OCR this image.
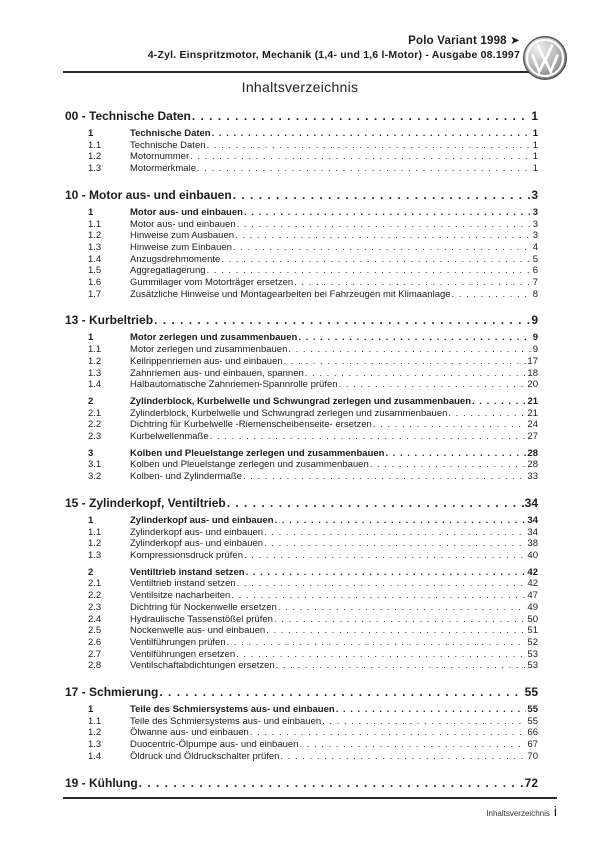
Polo Variant 1998 ➤
4-Zyl. Einspritzmotor, Mechanik (1,4- und 1,6 l-Motor) - Ausgabe 08.1997
Inhaltsverzeichnis
00 - Technische Daten . . .	1
1	Technische Daten . . .	1
1.1	Technische Daten . . .	1
1.2	Motornummer . . .	1
1.3	Motormerkmale . . .	1
10 - Motor aus- und einbauen . . .	3
1	Motor aus- und einbauen . . .	3
1.1	Motor aus- und einbauen . . .	3
1.2	Hinweise zum Ausbauen . . .	3
1.3	Hinweise zum Einbauen . . .	4
1.4	Anzugsdrehmomente . . .	5
1.5	Aggregatlagerung . . .	6
1.6	Gummilager vom Motorträger ersetzen . . .	7
1.7	Zusätzliche Hinweise und Montagearbeiten bei Fahrzeugen mit Klimaanlage . . .	8
13 - Kurbeltrieb . . .	9
1	Motor zerlegen und zusammenbauen . . .	9
1.1	Motor zerlegen und zusammenbauen . . .	9
1.2	Keilrippenriemen aus- und einbauen . . .	17
1.3	Zahnriemen aus- und einbauen, spannen . . .	18
1.4	Halbautomatische Zahnriemen-Spannrolle prüfen . . .	20
2	Zylinderblock, Kurbelwelle und Schwungrad zerlegen und zusammenbauen . . .	21
2.1	Zylinderblock, Kurbelwelle und Schwungrad zerlegen und zusammenbauen . . .	21
2.2	Dichtring für Kurbelwelle -Riemenscheibenseite- ersetzen . . .	24
2.3	Kurbelwellenmaße . . .	27
3	Kolben und Pleuelstange zerlegen und zusammenbauen . . .	28
3.1	Kolben und Pleuelstange zerlegen und zusammenbauen . . .	28
3.2	Kolben- und Zylindermaße . . .	33
15 - Zylinderkopf, Ventiltrieb . . .	34
1	Zylinderkopf aus- und einbauen . . .	34
1.1	Zylinderkopf aus- und einbauen . . .	34
1.2	Zylinderkopf aus- und einbauen . . .	38
1.3	Kompressionsdruck prüfen . . .	40
2	Ventiltrieb instand setzen . . .	42
2.1	Ventiltrieb instand setzen . . .	42
2.2	Ventilsitze nacharbeiten . . .	47
2.3	Dichtring für Nockenwelle ersetzen . . .	49
2.4	Hydraulische Tassenstößel prüfen . . .	50
2.5	Nockenwelle aus- und einbauen . . .	51
2.6	Ventilführungen prüfen . . .	52
2.7	Ventilführungen ersetzen . . .	53
2.8	Ventilschaftabdichtungen ersetzen . . .	53
17 - Schmierung . . .	55
1	Teile des Schmiersystems aus- und einbauen . . .	55
1.1	Teile des Schmiersystems aus- und einbauen . . .	55
1.2	Ölwanne aus- und einbauen . . .	66
1.3	Duocentric-Ölpumpe aus- und einbauen . . .	67
1.4	Öldruck und Öldruckschalter prüfen . . .	70
19 - Kühlung . . .	72
Inhaltsverzeichnis i
